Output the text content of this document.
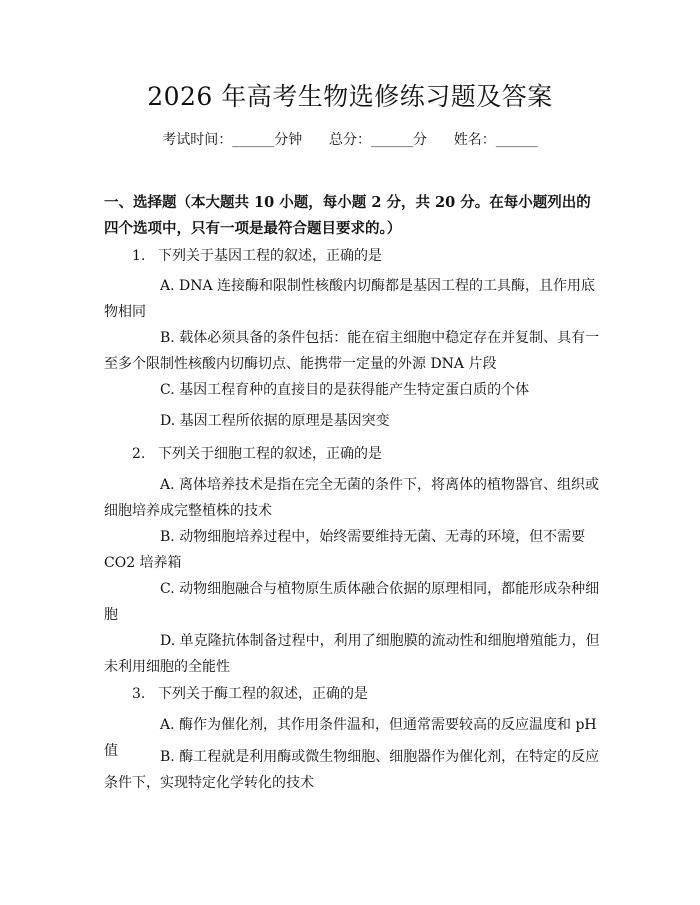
2026 年高考生物选修练习题及答案
考试时间：______分钟      总分：______分      姓名：______
一、选择题（本大题共 10 小题，每小题 2 分，共 20 分。在每小题列出的四个选项中，只有一项是最符合题目要求的。）
1. 下列关于基因工程的叙述，正确的是
A. DNA 连接酶和限制性核酸内切酶都是基因工程的工具酶，且作用底物相同
B. 载体必须具备的条件包括：能在宿主细胞中稳定存在并复制、具有一至多个限制性核酸内切酶切点、能携带一定量的外源 DNA 片段
C. 基因工程育种的直接目的是获得能产生特定蛋白质的个体
D. 基因工程所依据的原理是基因突变
2. 下列关于细胞工程的叙述，正确的是
A. 离体培养技术是指在完全无菌的条件下，将离体的植物器官、组织或细胞培养成完整植株的技术
B. 动物细胞培养过程中，始终需要维持无菌、无毒的环境，但不需要 CO2 培养箱
C. 动物细胞融合与植物原生质体融合依据的原理相同，都能形成杂种细胞
D. 单克隆抗体制备过程中，利用了细胞膜的流动性和细胞增殖能力，但未利用细胞的全能性
3. 下列关于酶工程的叙述，正确的是
A. 酶作为催化剂，其作用条件温和，但通常需要较高的反应温度和 pH 值	B. 酶工程就是利用酶或微生物细胞、细胞器作为催化剂，在特定的反应条件下，实现特定化学转化的技术
